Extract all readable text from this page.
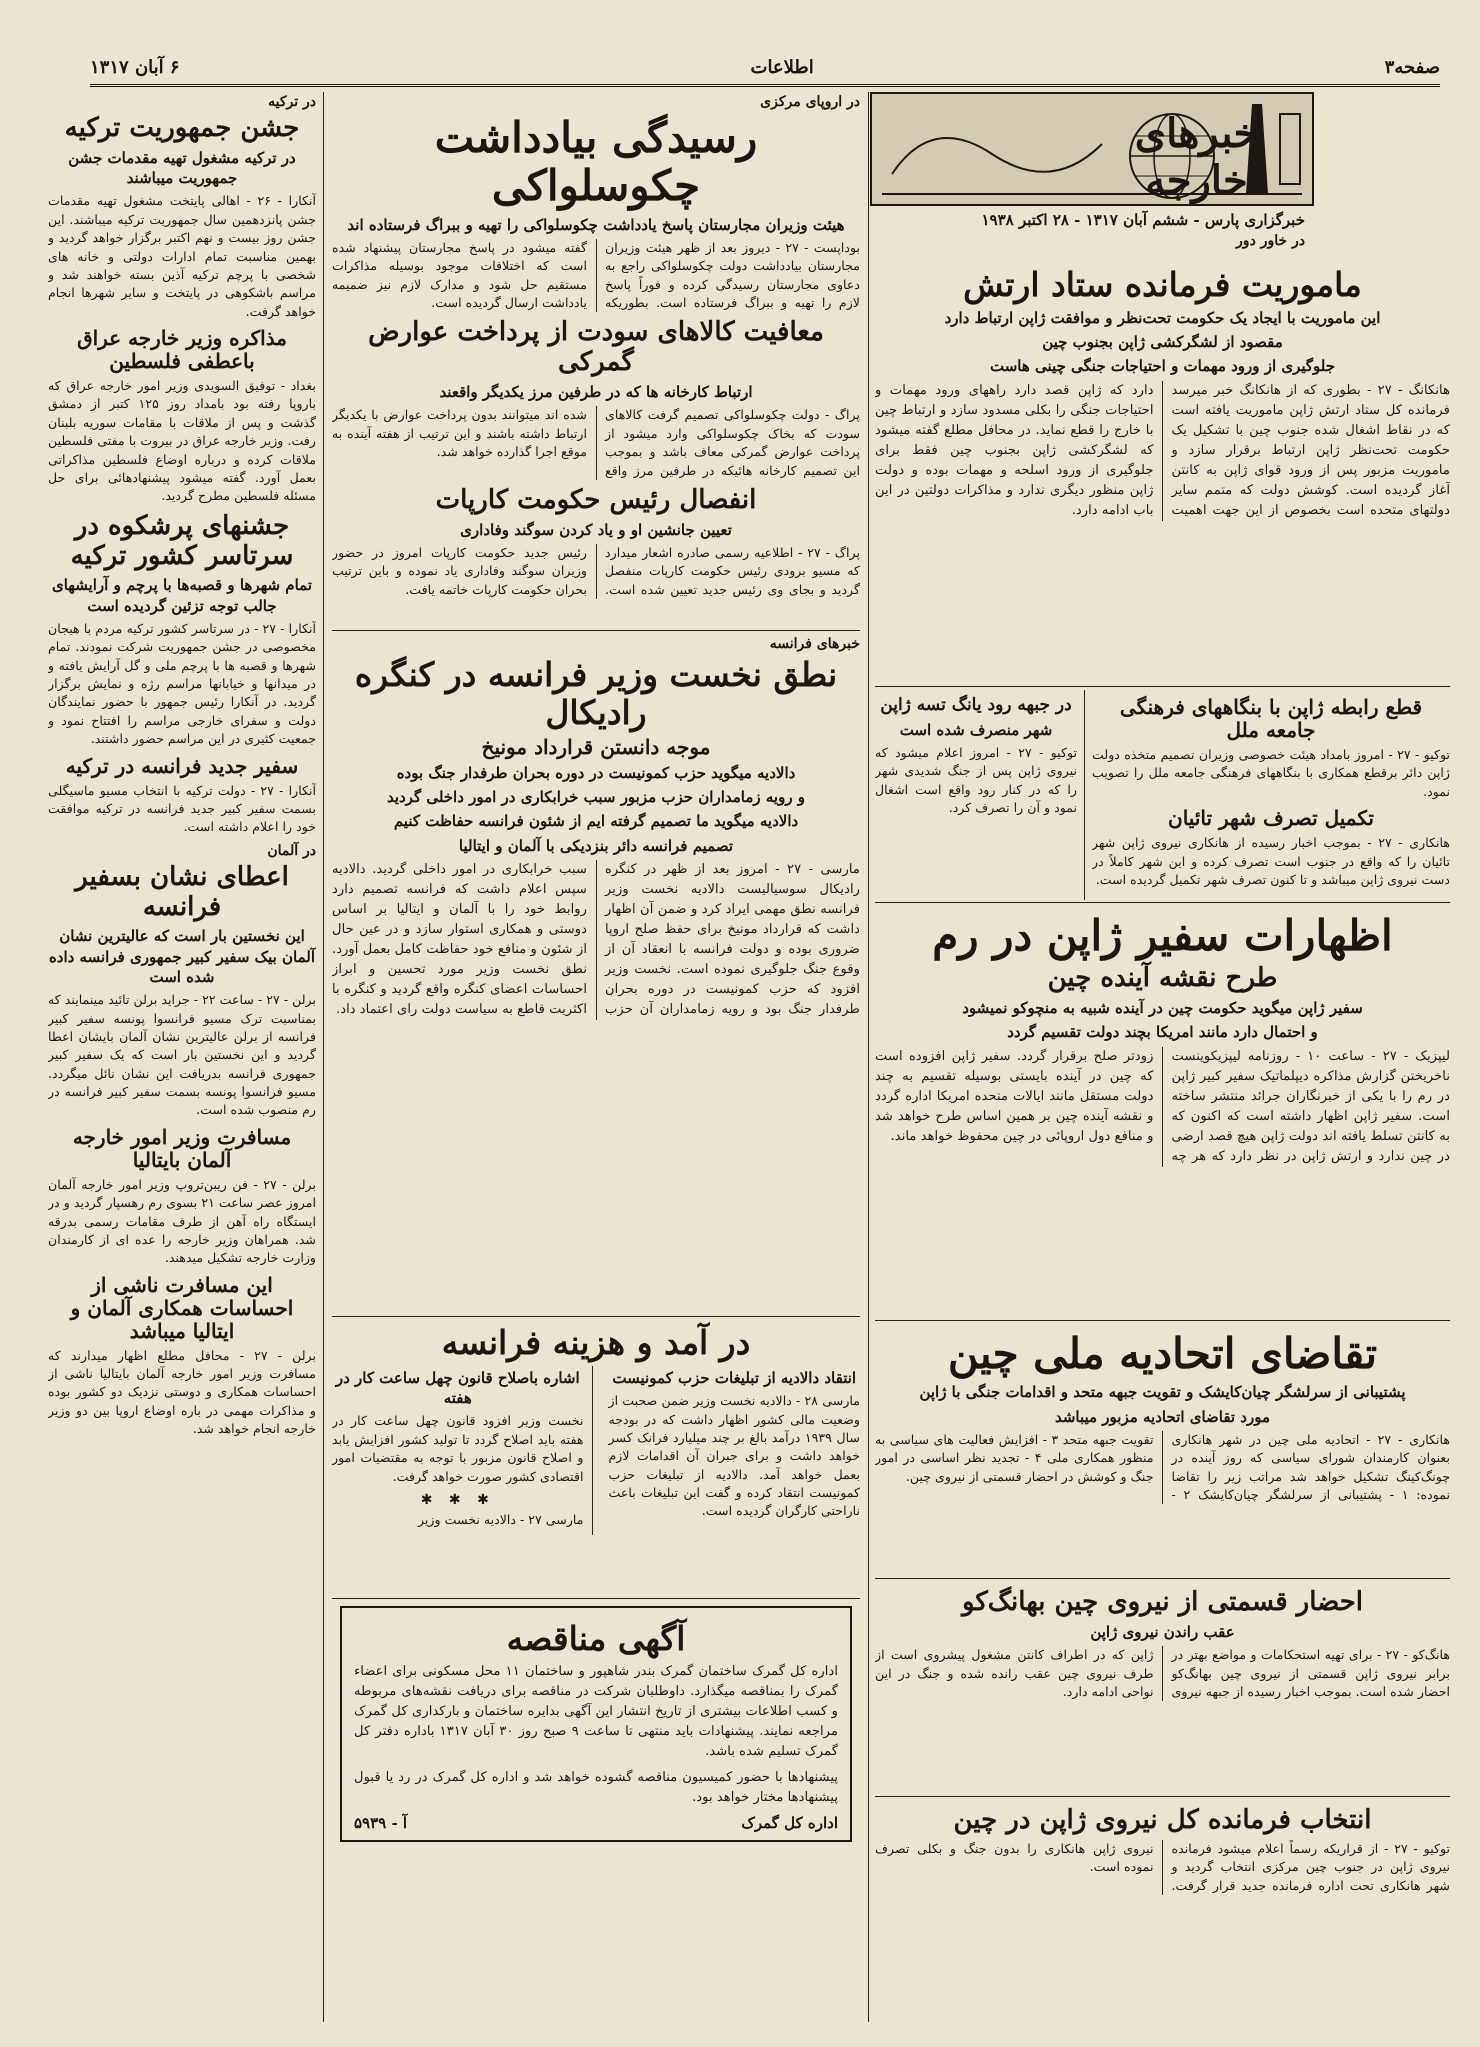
صفحه۳
اطلاعات
۶ آبان ۱۳۱۷
خبرهای خارجه
خبرگزاری پارس - ششم آبان ۱۳۱۷ - ۲۸ اکتبر ۱۹۳۸
در خاور دور
ماموریت فرمانده ستاد ارتش
این ماموریت با ایجاد یک حکومت تحت‌نظر و موافقت ژاپن ارتباط دارد
مقصود از لشگرکشی ژاپن بجنوب چین
جلوگیری از ورود مهمات و احتیاجات جنگی چینی هاست
هانکانگ - ۲۷ - بطوری که از هانکانگ خبر میرسد فرمانده کل ستاد ارتش ژاپن ماموریت یافته است که در نقاط اشغال شده جنوب چین با تشکیل یک حکومت تحت‌نظر ژاپن ارتباط برقرار سازد و ماموریت مزبور پس از ورود قوای ژاپن به کانتن آغاز گردیده است. کوشش دولت که متمم سایر دولتهای متحده است بخصوص از این جهت اهمیت دارد که ژاپن قصد دارد راههای ورود مهمات و احتیاجات جنگی را بکلی مسدود سازد و ارتباط چین با خارج را قطع نماید. در محافل مطلع گفته میشود که لشگرکشی ژاپن بجنوب چین فقط برای جلوگیری از ورود اسلحه و مهمات بوده و دولت ژاپن منظور دیگری ندارد و مذاکرات دولتین در این باب ادامه دارد.
قطع رابطه ژاپن با بنگاههای فرهنگی جامعه ملل
توکیو - ۲۷ - امروز بامداد هیئت خصوصی وزیران تصمیم متخذه دولت ژاپن دائر برقطع همکاری با بنگاههای فرهنگی جامعه ملل را تصویب نمود.
تکمیل تصرف شهر تائیان
هانکاری - ۲۷ - بموجب اخبار رسیده از هانکاری نیروی ژاپن شهر تائیان را که واقع در جنوب است تصرف کرده و این شهر کاملاً در دست نیروی ژاپن میباشد و تا کنون تصرف شهر تکمیل گردیده است.
در جبهه رود یانگ تسه ژاپن
شهر منصرف شده است
توکیو - ۲۷ - امروز اعلام میشود که نیروی ژاپن پس از جنگ شدیدی شهر را که در کنار رود واقع است اشغال نمود و آن را تصرف کرد.
اظهارات سفیر ژاپن در رم
طرح نقشه آینده چین
سفیر ژاپن میگوید حکومت چین در آینده شبیه به منچوکو نمیشود
و احتمال دارد مانند امریکا بچند دولت تقسیم گردد
لیپزیک - ۲۷ - ساعت ۱۰ - روزنامه لیپزیکوینست ناخریختن گزارش مذاکره دیپلماتیک سفیر کبیر ژاپن در رم را با یکی از خبرنگاران جرائد منتشر ساخته است. سفیر ژاپن اظهار داشته است که اکنون که به کانتن تسلط یافته اند دولت ژاپن هیچ قصد ارضی در چین ندارد و ارتش ژاپن در نظر دارد که هر چه زودتر صلح برقرار گردد. سفیر ژاپن افزوده است که چین در آینده بایستی بوسیله تقسیم به چند دولت مستقل مانند ایالات متحده امریکا اداره گردد و نقشه آینده چین بر همین اساس طرح خواهد شد و منافع دول اروپائی در چین محفوظ خواهد ماند.
تقاضای اتحادیه ملی چین
پشتیبانی از سرلشگر چیان‌کایشک و تقویت جبهه متحد و اقدامات جنگی با ژاپن
مورد تقاضای اتحادیه مزبور میباشد
هانکاری - ۲۷ - اتحادیه ملی چین در شهر هانکاری بعنوان کارمندان شورای سیاسی که روز آینده در چونگ‌کینگ تشکیل خواهد شد مراتب زیر را تقاضا نموده: ۱ - پشتیبانی از سرلشگر چیان‌کایشک ۲ - تقویت جبهه متحد ۳ - افزایش فعالیت های سیاسی به منظور همکاری ملی ۴ - تجدید نظر اساسی در امور جنگ و کوشش در احضار قسمتی از نیروی چین.
احضار قسمتی از نیروی چین بهانگ‌کو
عقب راندن نیروی ژاپن
هانگ‌کو - ۲۷ - برای تهیه استحکامات و مواضع بهتر در برابر نیروی ژاپن قسمتی از نیروی چین بهانگ‌کو احضار شده است. بموجب اخبار رسیده از جبهه نیروی ژاپن که در اطراف کانتن مشغول پیشروی است از طرف نیروی چین عقب رانده شده و جنگ در این نواحی ادامه دارد.
انتخاب فرمانده کل نیروی ژاپن در چین
توکیو - ۲۷ - از قراریکه رسماً اعلام میشود فرمانده نیروی ژاپن در جنوب چین مرکزی انتخاب گردید و شهر هانکاری تحت اداره فرمانده جدید قرار گرفت. نیروی ژاپن هانکاری را بدون جنگ و بکلی تصرف نموده است.
در اروپای مرکزی
رسیدگی بیادداشت چکوسلواکی
هیئت وزیران مجارستان پاسخ یادداشت چکوسلواکی را تهیه و ببراگ فرستاده اند
بوداپست - ۲۷ - دیروز بعد از ظهر هیئت وزیران مجارستان بیادداشت دولت چکوسلواکی راجع به دعاوی مجارستان رسیدگی کرده و فوراً پاسخ لازم را تهیه و ببراگ فرستاده است. بطوریکه گفته میشود در پاسخ مجارستان پیشنهاد شده است که اختلافات موجود بوسیله مذاکرات مستقیم حل شود و مدارک لازم نیز ضمیمه یادداشت ارسال گردیده است.
معافیت کالاهای سودت از پرداخت عوارض گمرکی
ارتباط کارخانه ها که در طرفین مرز یکدیگر واقعند
پراگ - دولت چکوسلواکی تصمیم گرفت کالاهای سودت که بخاک چکوسلواکی وارد میشود از پرداخت عوارض گمرکی معاف باشد و بموجب این تصمیم کارخانه هائیکه در طرفین مرز واقع شده اند میتوانند بدون پرداخت عوارض با یکدیگر ارتباط داشته باشند و این ترتیب از هفته آینده به موقع اجرا گذارده خواهد شد.
انفصال رئیس حکومت کارپات
تعیین جانشین او و یاد کردن سوگند وفاداری
پراگ - ۲۷ - اطلاعیه رسمی صادره اشعار میدارد که مسیو برودی رئیس حکومت کارپات منفصل گردید و بجای وی رئیس جدید تعیین شده است. رئیس جدید حکومت کارپات امروز در حضور وزیران سوگند وفاداری یاد نموده و باین ترتیب بحران حکومت کارپات خاتمه یافت.
خبرهای فرانسه
نطق نخست وزیر فرانسه در کنگره رادیکال
موجه دانستن قرارداد مونیخ
دالادیه میگوید حزب کمونیست در دوره بحران طرفدار جنگ بوده
و رویه زمامداران حزب مزبور سبب خرابکاری در امور داخلی گردید
دالادیه میگوید ما تصمیم گرفته ایم از شئون فرانسه حفاظت کنیم
تصمیم فرانسه دائر بنزدیکی با آلمان و ایتالیا
مارسی - ۲۷ - امروز بعد از ظهر در کنگره رادیکال سوسیالیست دالادیه نخست وزیر فرانسه نطق مهمی ایراد کرد و ضمن آن اظهار داشت که قرارداد مونیخ برای حفظ صلح اروپا ضروری بوده و دولت فرانسه با انعقاد آن از وقوع جنگ جلوگیری نموده است. نخست وزیر افزود که حزب کمونیست در دوره بحران طرفدار جنگ بود و رویه زمامداران آن حزب سبب خرابکاری در امور داخلی گردید. دالادیه سپس اعلام داشت که فرانسه تصمیم دارد روابط خود را با آلمان و ایتالیا بر اساس دوستی و همکاری استوار سازد و در عین حال از شئون و منافع خود حفاظت کامل بعمل آورد. نطق نخست وزیر مورد تحسین و ابراز احساسات اعضای کنگره واقع گردید و کنگره با اکثریت قاطع به سیاست دولت رای اعتماد داد.
در آمد و هزینه فرانسه
انتقاد دالادیه از تبلیغات حزب کمونیست
مارسی ۲۸ - دالادیه نخست وزیر ضمن صحبت از وضعیت مالی کشور اظهار داشت که در بودجه سال ۱۹۳۹ درآمد بالغ بر چند میلیارد فرانک کسر خواهد داشت و برای جبران آن اقدامات لازم بعمل خواهد آمد. دالادیه از تبلیغات حزب کمونیست انتقاد کرده و گفت این تبلیغات باعث ناراحتی کارگران گردیده است.
اشاره باصلاح قانون چهل ساعت کار در هفته
نخست وزیر افزود قانون چهل ساعت کار در هفته باید اصلاح گردد تا تولید کشور افزایش یابد و اصلاح قانون مزبور با توجه به مقتضیات امور اقتصادی کشور صورت خواهد گرفت.
✱ ✱ ✱
مارسی ۲۷ - دالادیه نخست وزیر
آگهی مناقصه
اداره کل گمرک ساختمان گمرک بندر شاهپور و ساختمان ۱۱ محل مسکونی برای اعضاء گمرک را بمناقصه میگذارد. داوطلبان شرکت در مناقصه برای دریافت نقشه‌های مربوطه و کسب اطلاعات بیشتری از تاریخ انتشار این آگهی بدایره ساختمان و بارکداری کل گمرک مراجعه نمایند. پیشنهادات باید منتهی تا ساعت ۹ صبح روز ۳۰ آبان ۱۳۱۷ باداره دفتر کل گمرک تسلیم شده باشد.
پیشنهادها با حضور کمیسیون مناقصه گشوده خواهد شد و اداره کل گمرک در رد یا قبول پیشنهادها مختار خواهد بود.
اداره کل گمرک
آ - ۵۹۳۹
در ترکیه
جشن جمهوریت ترکیه
در ترکیه مشغول تهیه مقدمات جشن جمهوریت میباشند
آنکارا - ۲۶ - اهالی پایتخت مشغول تهیه مقدمات جشن پانزدهمین سال جمهوریت ترکیه میباشند. این جشن روز بیست و نهم اکتبر برگزار خواهد گردید و بهمین مناسبت تمام ادارات دولتی و خانه های شخصی با پرچم ترکیه آذین بسته خواهند شد و مراسم باشکوهی در پایتخت و سایر شهرها انجام خواهد گرفت.
مذاکره وزیر خارجه عراق باعطفی فلسطین
بغداد - توفیق السویدی وزیر امور خارجه عراق که باروپا رفته بود بامداد روز ۱۲۵ کتبر از دمشق گذشت و پس از ملاقات با مقامات سوریه بلبنان رفت. وزیر خارجه عراق در بیروت با مفتی فلسطین ملاقات کرده و درباره اوضاع فلسطین مذاکراتی بعمل آورد. گفته میشود پیشنهادهائی برای حل مسئله فلسطین مطرح گردید.
جشنهای پرشکوه در سرتاسر کشور ترکیه
تمام شهرها و قصبه‌ها با پرچم و آرایشهای جالب توجه تزئین گردیده است
آنکارا - ۲۷ - در سرتاسر کشور ترکیه مردم با هیجان مخصوصی در جشن جمهوریت شرکت نمودند. تمام شهرها و قصبه ها با پرچم ملی و گل آرایش یافته و در میدانها و خیابانها مراسم رژه و نمایش برگزار گردید. در آنکارا رئیس جمهور با حضور نمایندگان دولت و سفرای خارجی مراسم را افتتاح نمود و جمعیت کثیری در این مراسم حضور داشتند.
سفیر جدید فرانسه در ترکیه
آنکارا - ۲۷ - دولت ترکیه با انتخاب مسیو ماسیگلی بسمت سفیر کبیر جدید فرانسه در ترکیه موافقت خود را اعلام داشته است.
در آلمان
اعطای نشان بسفیر فرانسه
این نخستین بار است که عالیترین نشان آلمان بیک سفیر کبیر جمهوری فرانسه داده شده است
برلن - ۲۷ - ساعت ۲۲ - جراید برلن تائید مینمایند که بمناسبت ترک مسیو فرانسوا پونسه سفیر کبیر فرانسه از برلن عالیترین نشان آلمان بایشان اعطا گردید و این نخستین بار است که یک سفیر کبیر جمهوری فرانسه بدریافت این نشان نائل میگردد. مسیو فرانسوا پونسه بسمت سفیر کبیر فرانسه در رم منصوب شده است.
مسافرت وزیر امور خارجه آلمان بایتالیا
برلن - ۲۷ - فن ریبن‌تروپ وزیر امور خارجه آلمان امروز عصر ساعت ۲۱ بسوی رم رهسپار گردید و در ایستگاه راه آهن از طرف مقامات رسمی بدرقه شد. همراهان وزیر خارجه را عده ای از کارمندان وزارت خارجه تشکیل میدهند.
این مسافرت ناشی از احساسات همکاری آلمان و ایتالیا میباشد
برلن - ۲۷ - محافل مطلع اظهار میدارند که مسافرت وزیر امور خارجه آلمان بایتالیا ناشی از احساسات همکاری و دوستی نزدیک دو کشور بوده و مذاکرات مهمی در باره اوضاع اروپا بین دو وزیر خارجه انجام خواهد شد.
